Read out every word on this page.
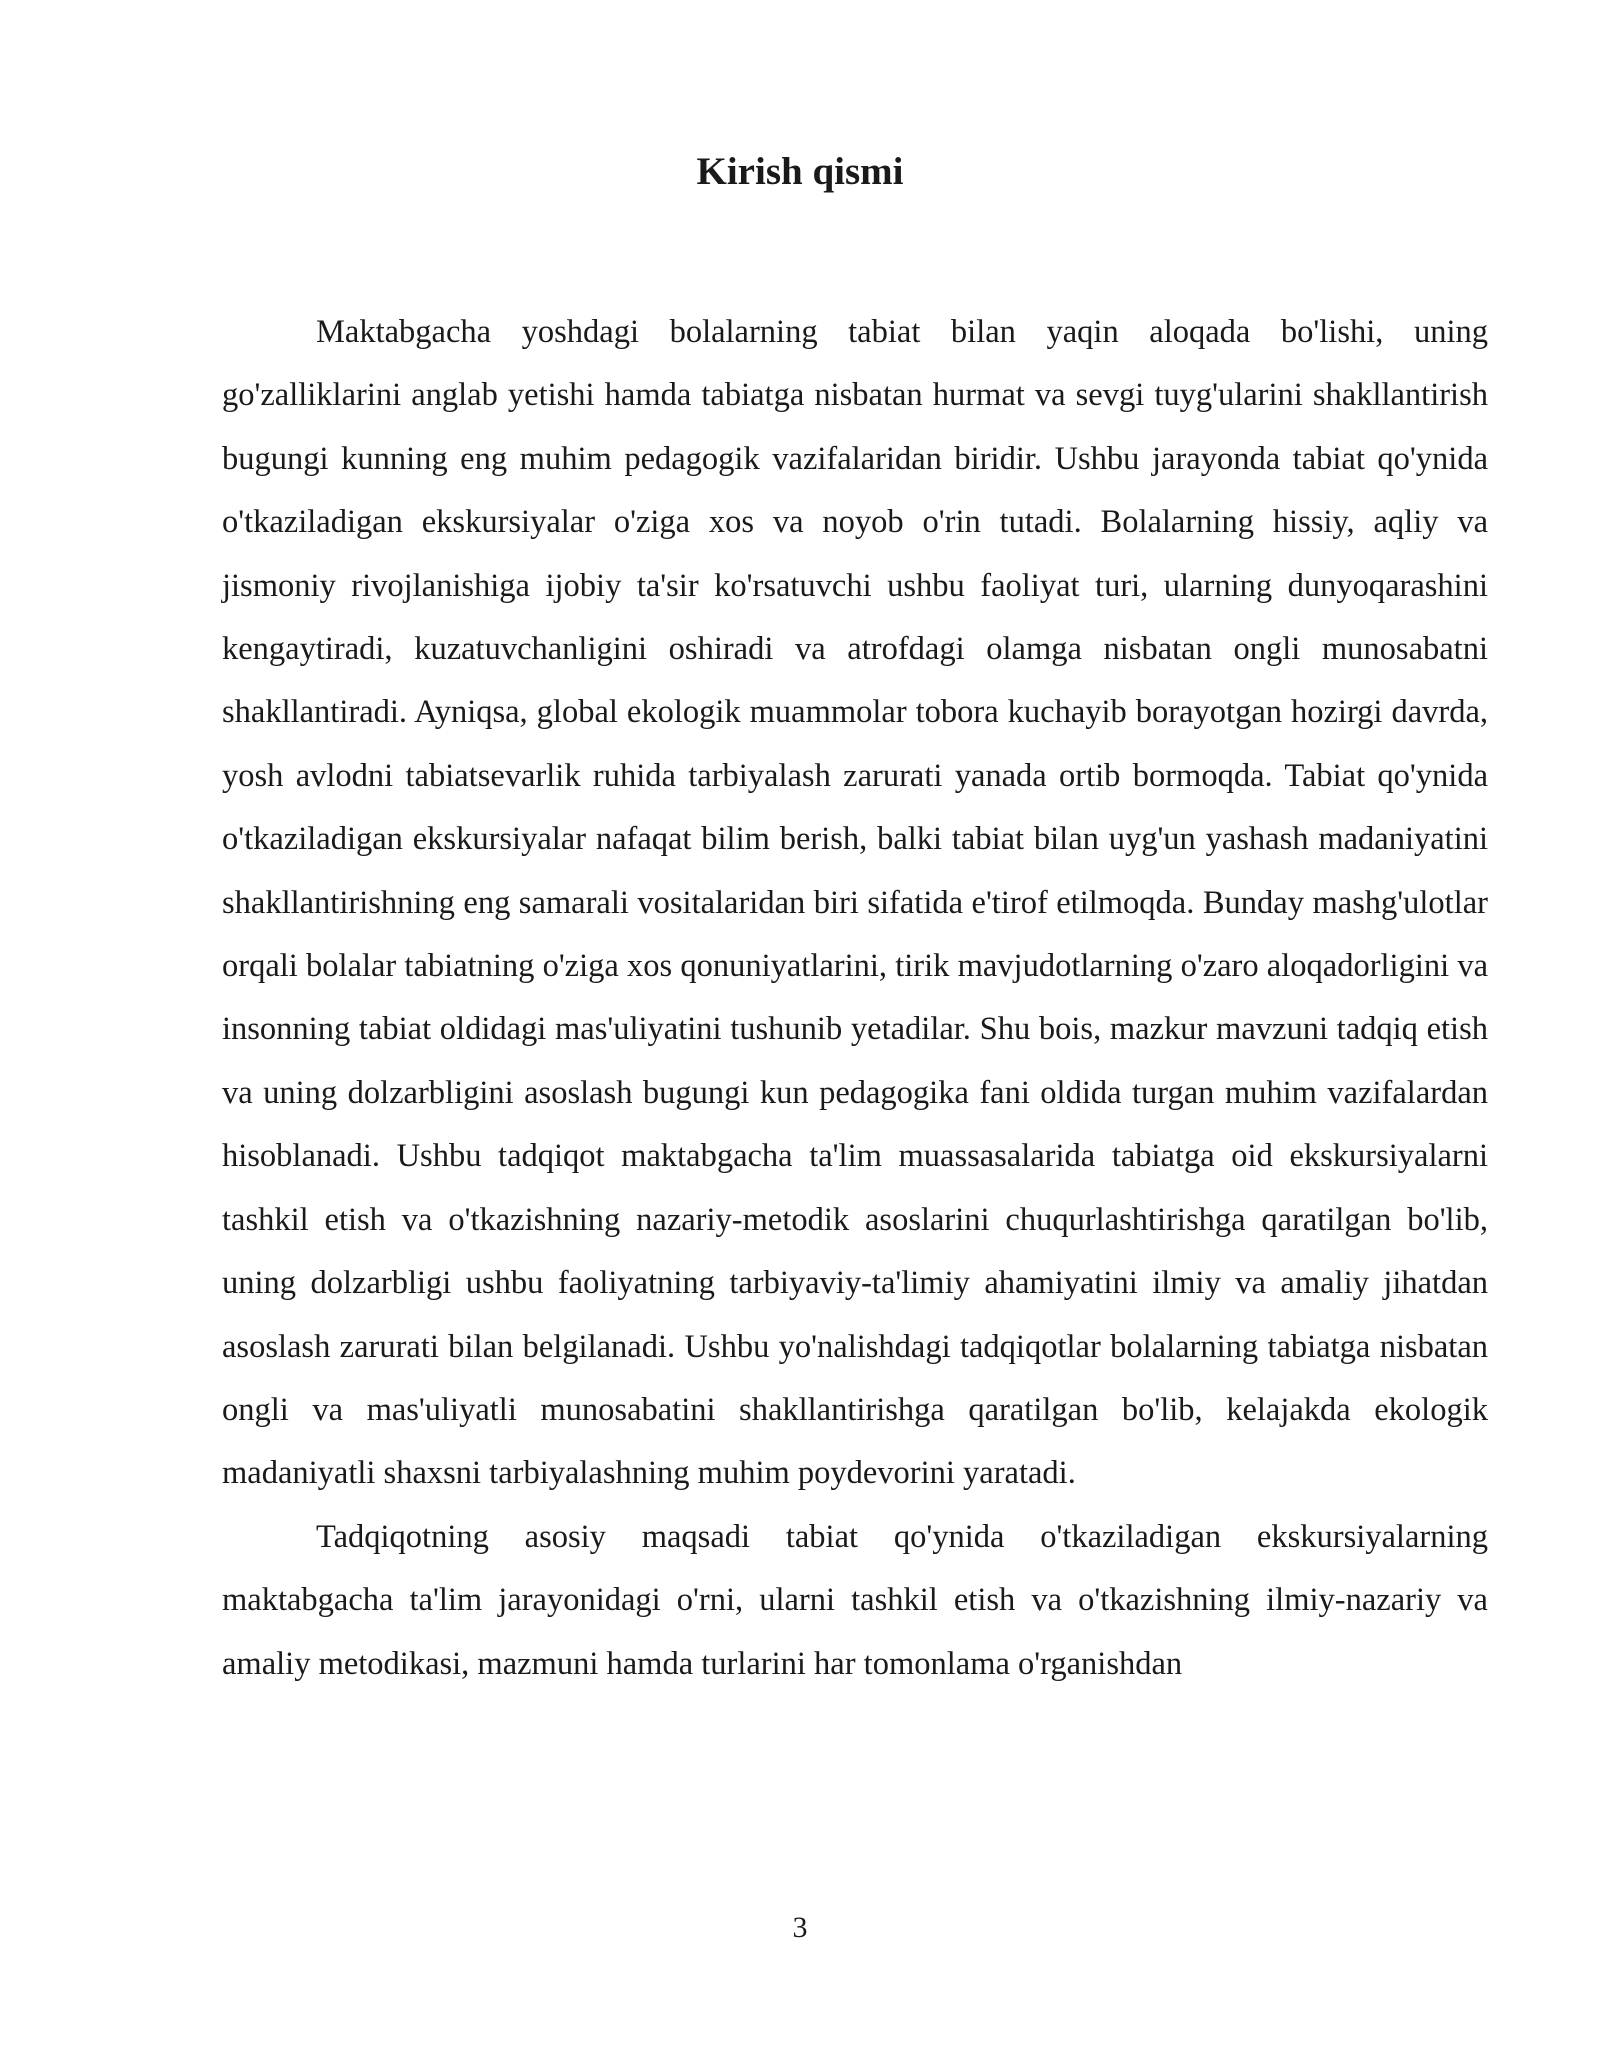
Kirish qismi

Maktabgacha yoshdagi bolalarning tabiat bilan yaqin aloqada bo'lishi, uning go'zalliklarini anglab yetishi hamda tabiatga nisbatan hurmat va sevgi tuyg'ularini shakllantirish bugungi kunning eng muhim pedagogik vazifalaridan biridir. Ushbu jarayonda tabiat qo'ynida o'tkaziladigan ekskursiyalar o'ziga xos va noyob o'rin tutadi. Bolalarning hissiy, aqliy va jismoniy rivojlanishiga ijobiy ta'sir ko'rsatuvchi ushbu faoliyat turi, ularning dunyoqarashini kengaytiradi, kuzatuvchanligini oshiradi va atrofdagi olamga nisbatan ongli munosabatni shakllantiradi. Ayniqsa, global ekologik muammolar tobora kuchayib borayotgan hozirgi davrda, yosh avlodni tabiatsevarlik ruhida tarbiyalash zarurati yanada ortib bormoqda. Tabiat qo'ynida o'tkaziladigan ekskursiyalar nafaqat bilim berish, balki tabiat bilan uyg'un yashash madaniyatini shakllantirishning eng samarali vositalaridan biri sifatida e'tirof etilmoqda. Bunday mashg'ulotlar orqali bolalar tabiatning o'ziga xos qonuniyatlarini, tirik mavjudotlarning o'zaro aloqadorligini va insonning tabiat oldidagi mas'uliyatini tushunib yetadilar. Shu bois, mazkur mavzuni tadqiq etish va uning dolzarbligini asoslash bugungi kun pedagogika fani oldida turgan muhim vazifalardan hisoblanadi. Ushbu tadqiqot maktabgacha ta'lim muassasalarida tabiatga oid ekskursiyalarni tashkil etish va o'tkazishning nazariy-metodik asoslarini chuqurlashtirishga qaratilgan bo'lib, uning dolzarbligi ushbu faoliyatning tarbiyaviy-ta'limiy ahamiyatini ilmiy va amaliy jihatdan asoslash zarurati bilan belgilanadi. Ushbu yo'nalishdagi tadqiqotlar bolalarning tabiatga nisbatan ongli va mas'uliyatli munosabatini shakllantirishga qaratilgan bo'lib, kelajakda ekologik madaniyatli shaxsni tarbiyalashning muhim poydevorini yaratadi.

Tadqiqotning asosiy maqsadi tabiat qo'ynida o'tkaziladigan ekskursiyalarning maktabgacha ta'lim jarayonidagi o'rni, ularni tashkil etish va o'tkazishning ilmiy-nazariy va amaliy metodikasi, mazmuni hamda turlarini har tomonlama o'rganishdan

3
